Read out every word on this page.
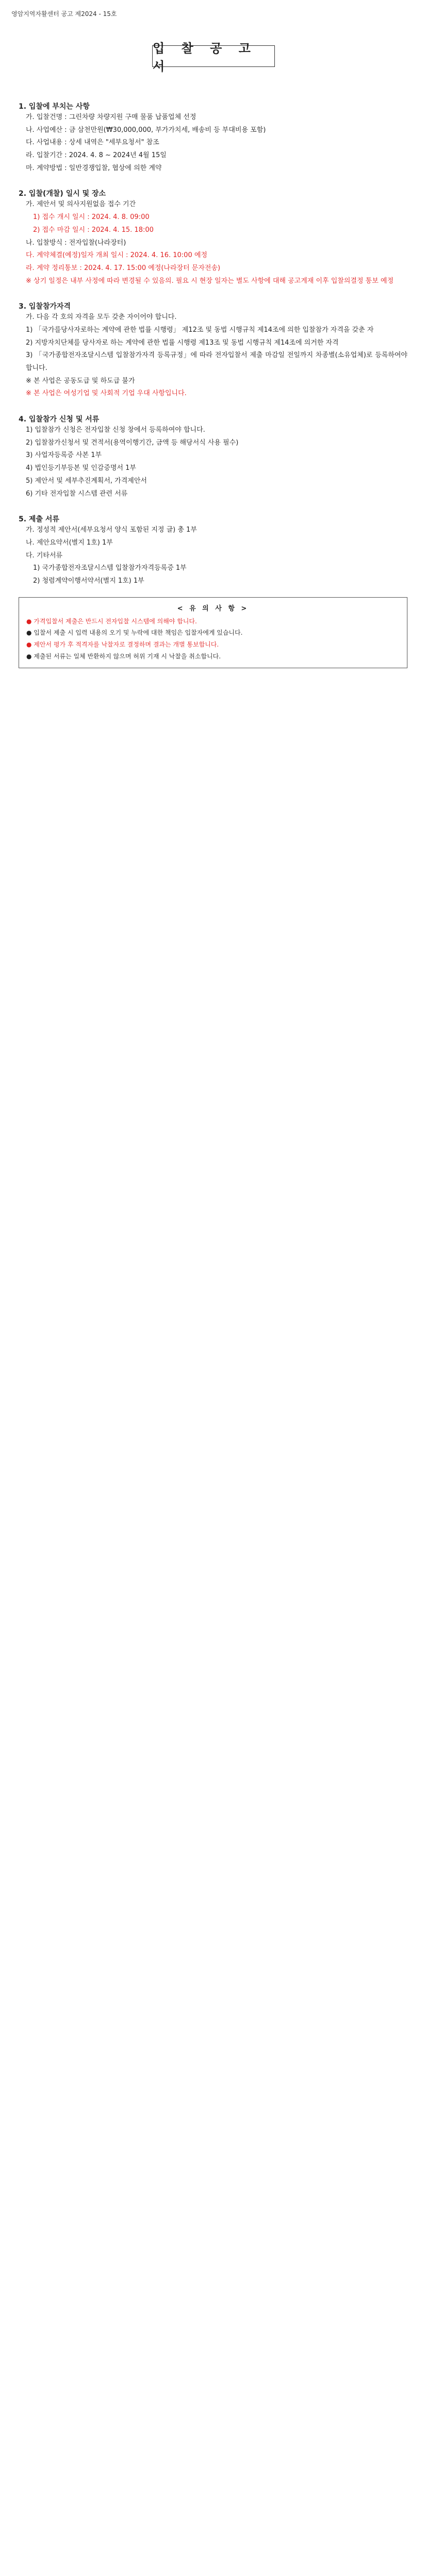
영암지역자활센터 공고 제2024 - 15호
입 찰 공 고 서
1. 입찰에 부치는 사항
가. 입찰건명 : 그린차량 차량지원 구매 물품 납품업체 선정
나. 사업예산 : 금 삼천만원(₩30,000,000, 부가가치세, 배송비 등 부대비용 포함)
다. 사업내용 : 상세 내역은 "세부요청서" 참조
라. 입찰기간 : 2024. 4. 8 ~ 2024년 4월 15일
마. 계약방법 : 일반경쟁입찰, 협상에 의한 계약
2. 입찰(개찰) 일시 및 장소
가. 제안서 및 의사지원없음 접수 기간
1) 접수 개시 일시 : 2024. 4. 8. 09:00
2) 접수 마감 일시 : 2024. 4. 15. 18:00
나. 입찰방식 : 전자입찰(나라장터)
다. 계약체결(예정)일자 개최 일시 : 2024. 4. 16. 10:00 예정
라. 계약 정리통보 : 2024. 4. 17. 15:00 예정(나라장터 문자전송)
※ 상기 일정은 내부 사정에 따라 변경될 수 있음의. 필요 시 현장 일자는 별도 사항에 대해 공고게재 이후 입찰의결정 통보 예정
3. 입찰참가자격
가. 다음 각 호의 자격을 모두 갖춘 자이어야 합니다.
1) 「국가를당사자로하는 계약에 관한 법률 시행령」 제12조 및 동법 시행규칙 제14조에 의한 입찰참가 자격을 갖춘 자
2) 지방자치단체를 당사자로 하는 계약에 관한 법률 시행령 제13조 및 동법 시행규칙 제14조에 의거한 자격
3) 「국가종합전자조달시스템 입찰참가자격 등록규정」에 따라 전자입찰서 제출 마감일 전일까지 차종별(소유업체)로 등록하여야 합니다.
※ 본 사업은 공동도급 및 하도급 불가
※ 본 사업은 여성기업 및 사회적 기업 우대 사항입니다.
4. 입찰참가 신청 및 서류
1) 입찰참가 신청은 전자입찰 신청 창에서 등록하여야 합니다.
2) 입찰참가신청서 및 견적서(용역이행기간, 금액 등 해당서식 사용 필수)
3) 사업자등록증 사본 1부
4) 법인등기부등본 및 인감증명서 1부
5) 제안서 및 세부추진계획서, 가격제안서
6) 기타 전자입찰 시스템 관련 서류
5. 제출 서류
가. 정성적 제안서(세부요청서 양식 포함된 지정 글) 총 1부
나. 제안요약서(별지 1호) 1부
다. 기타서류
1) 국가종합전자조달시스템 입찰참가자격등록증 1부
2) 청렴계약이행서약서(별지 1호) 1부
< 유 의 사 항 >
● 가격입찰서 제출은 반드시 전자입찰 시스템에 의해야 합니다.
● 입찰서 제출 시 입력 내용의 오기 및 누락에 대한 책임은 입찰자에게 있습니다.
● 제안서 평가 후 적격자를 낙찰자로 결정하며 결과는 개별 통보합니다.
● 제출된 서류는 일체 반환하지 않으며 허위 기재 시 낙찰을 취소합니다.
